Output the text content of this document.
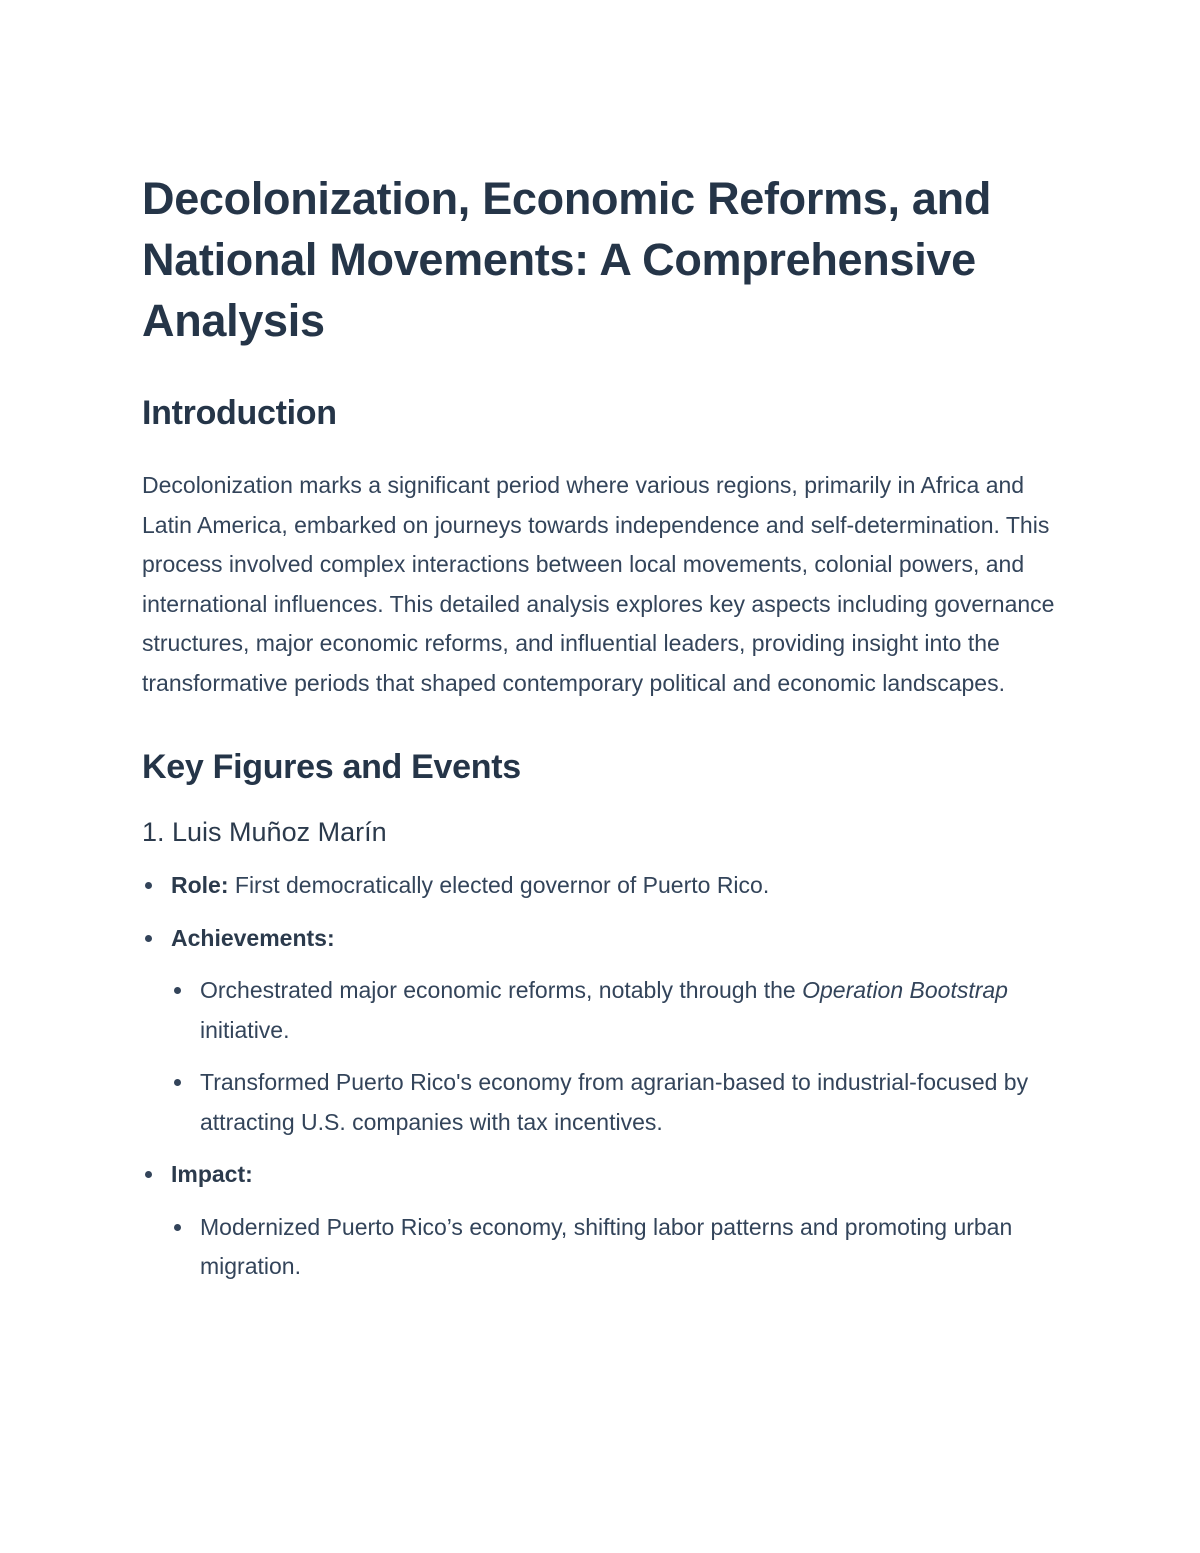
Decolonization, Economic Reforms, and National Movements: A Comprehensive Analysis
Introduction

Decolonization marks a significant period where various regions, primarily in Africa and Latin America, embarked on journeys towards independence and self-determination. This process involved complex interactions between local movements, colonial powers, and international influences. This detailed analysis explores key aspects including governance structures, major economic reforms, and influential leaders, providing insight into the transformative periods that shaped contemporary political and economic landscapes.

Key Figures and Events
1. Luis Muñoz Marín
Role: First democratically elected governor of Puerto Rico.
Achievements:
Orchestrated major economic reforms, notably through the Operation Bootstrap initiative.
Transformed Puerto Rico's economy from agrarian-based to industrial-focused by attracting U.S. companies with tax incentives.
Impact:
Modernized Puerto Rico’s economy, shifting labor patterns and promoting urban migration.
